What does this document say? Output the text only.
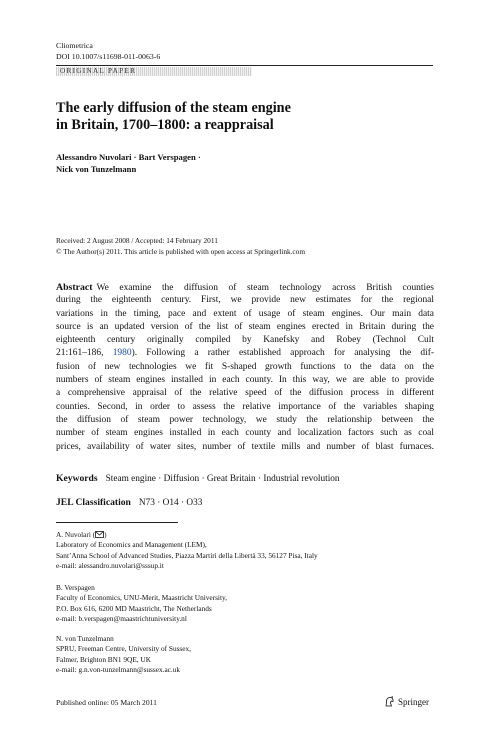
Cliometrica
DOI 10.1007/s11698-011-0063-6
ORIGINAL PAPER
The early diffusion of the steam engine
in Britain, 1700–1800: a reappraisal
Alessandro Nuvolari · Bart Verspagen ·
Nick von Tunzelmann
Received: 2 August 2008 / Accepted: 14 February 2011
© The Author(s) 2011. This article is published with open access at Springerlink.com
Abstract We examine the diffusion of steam technology across British counties
during the eighteenth century. First, we provide new estimates for the regional
variations in the timing, pace and extent of usage of steam engines. Our main data
source is an updated version of the list of steam engines erected in Britain during the
eighteenth century originally compiled by Kanefsky and Robey (Technol Cult
21:161–186, 1980). Following a rather established approach for analysing the dif-
fusion of new technologies we fit S-shaped growth functions to the data on the
numbers of steam engines installed in each county. In this way, we are able to provide
a comprehensive appraisal of the relative speed of the diffusion process in different
counties. Second, in order to assess the relative importance of the variables shaping
the diffusion of steam power technology, we study the relationship between the
number of steam engines installed in each county and localization factors such as coal
prices, availability of water sites, number of textile mills and number of blast furnaces.
Keywords Steam engine · Diffusion · Great Britain · Industrial revolution
JEL Classification N73 · O14 · O33
A. Nuvolari ( )
Laboratory of Economics and Management (LEM),
Sant’Anna School of Advanced Studies, Piazza Martiri della Libertà 33, 56127 Pisa, Italy
e-mail: alessandro.nuvolari@sssup.it
B. Verspagen
Faculty of Economics, UNU-Merit, Maastricht University,
P.O. Box 616, 6200 MD Maastricht, The Netherlands
e-mail: b.verspagen@maastrichtuniversity.nl
N. von Tunzelmann
SPRU, Freeman Centre, University of Sussex,
Falmer, Brighton BN1 9QE, UK
e-mail: g.n.von-tunzelmann@sussex.ac.uk
Published online: 05 March 2011	Springer
